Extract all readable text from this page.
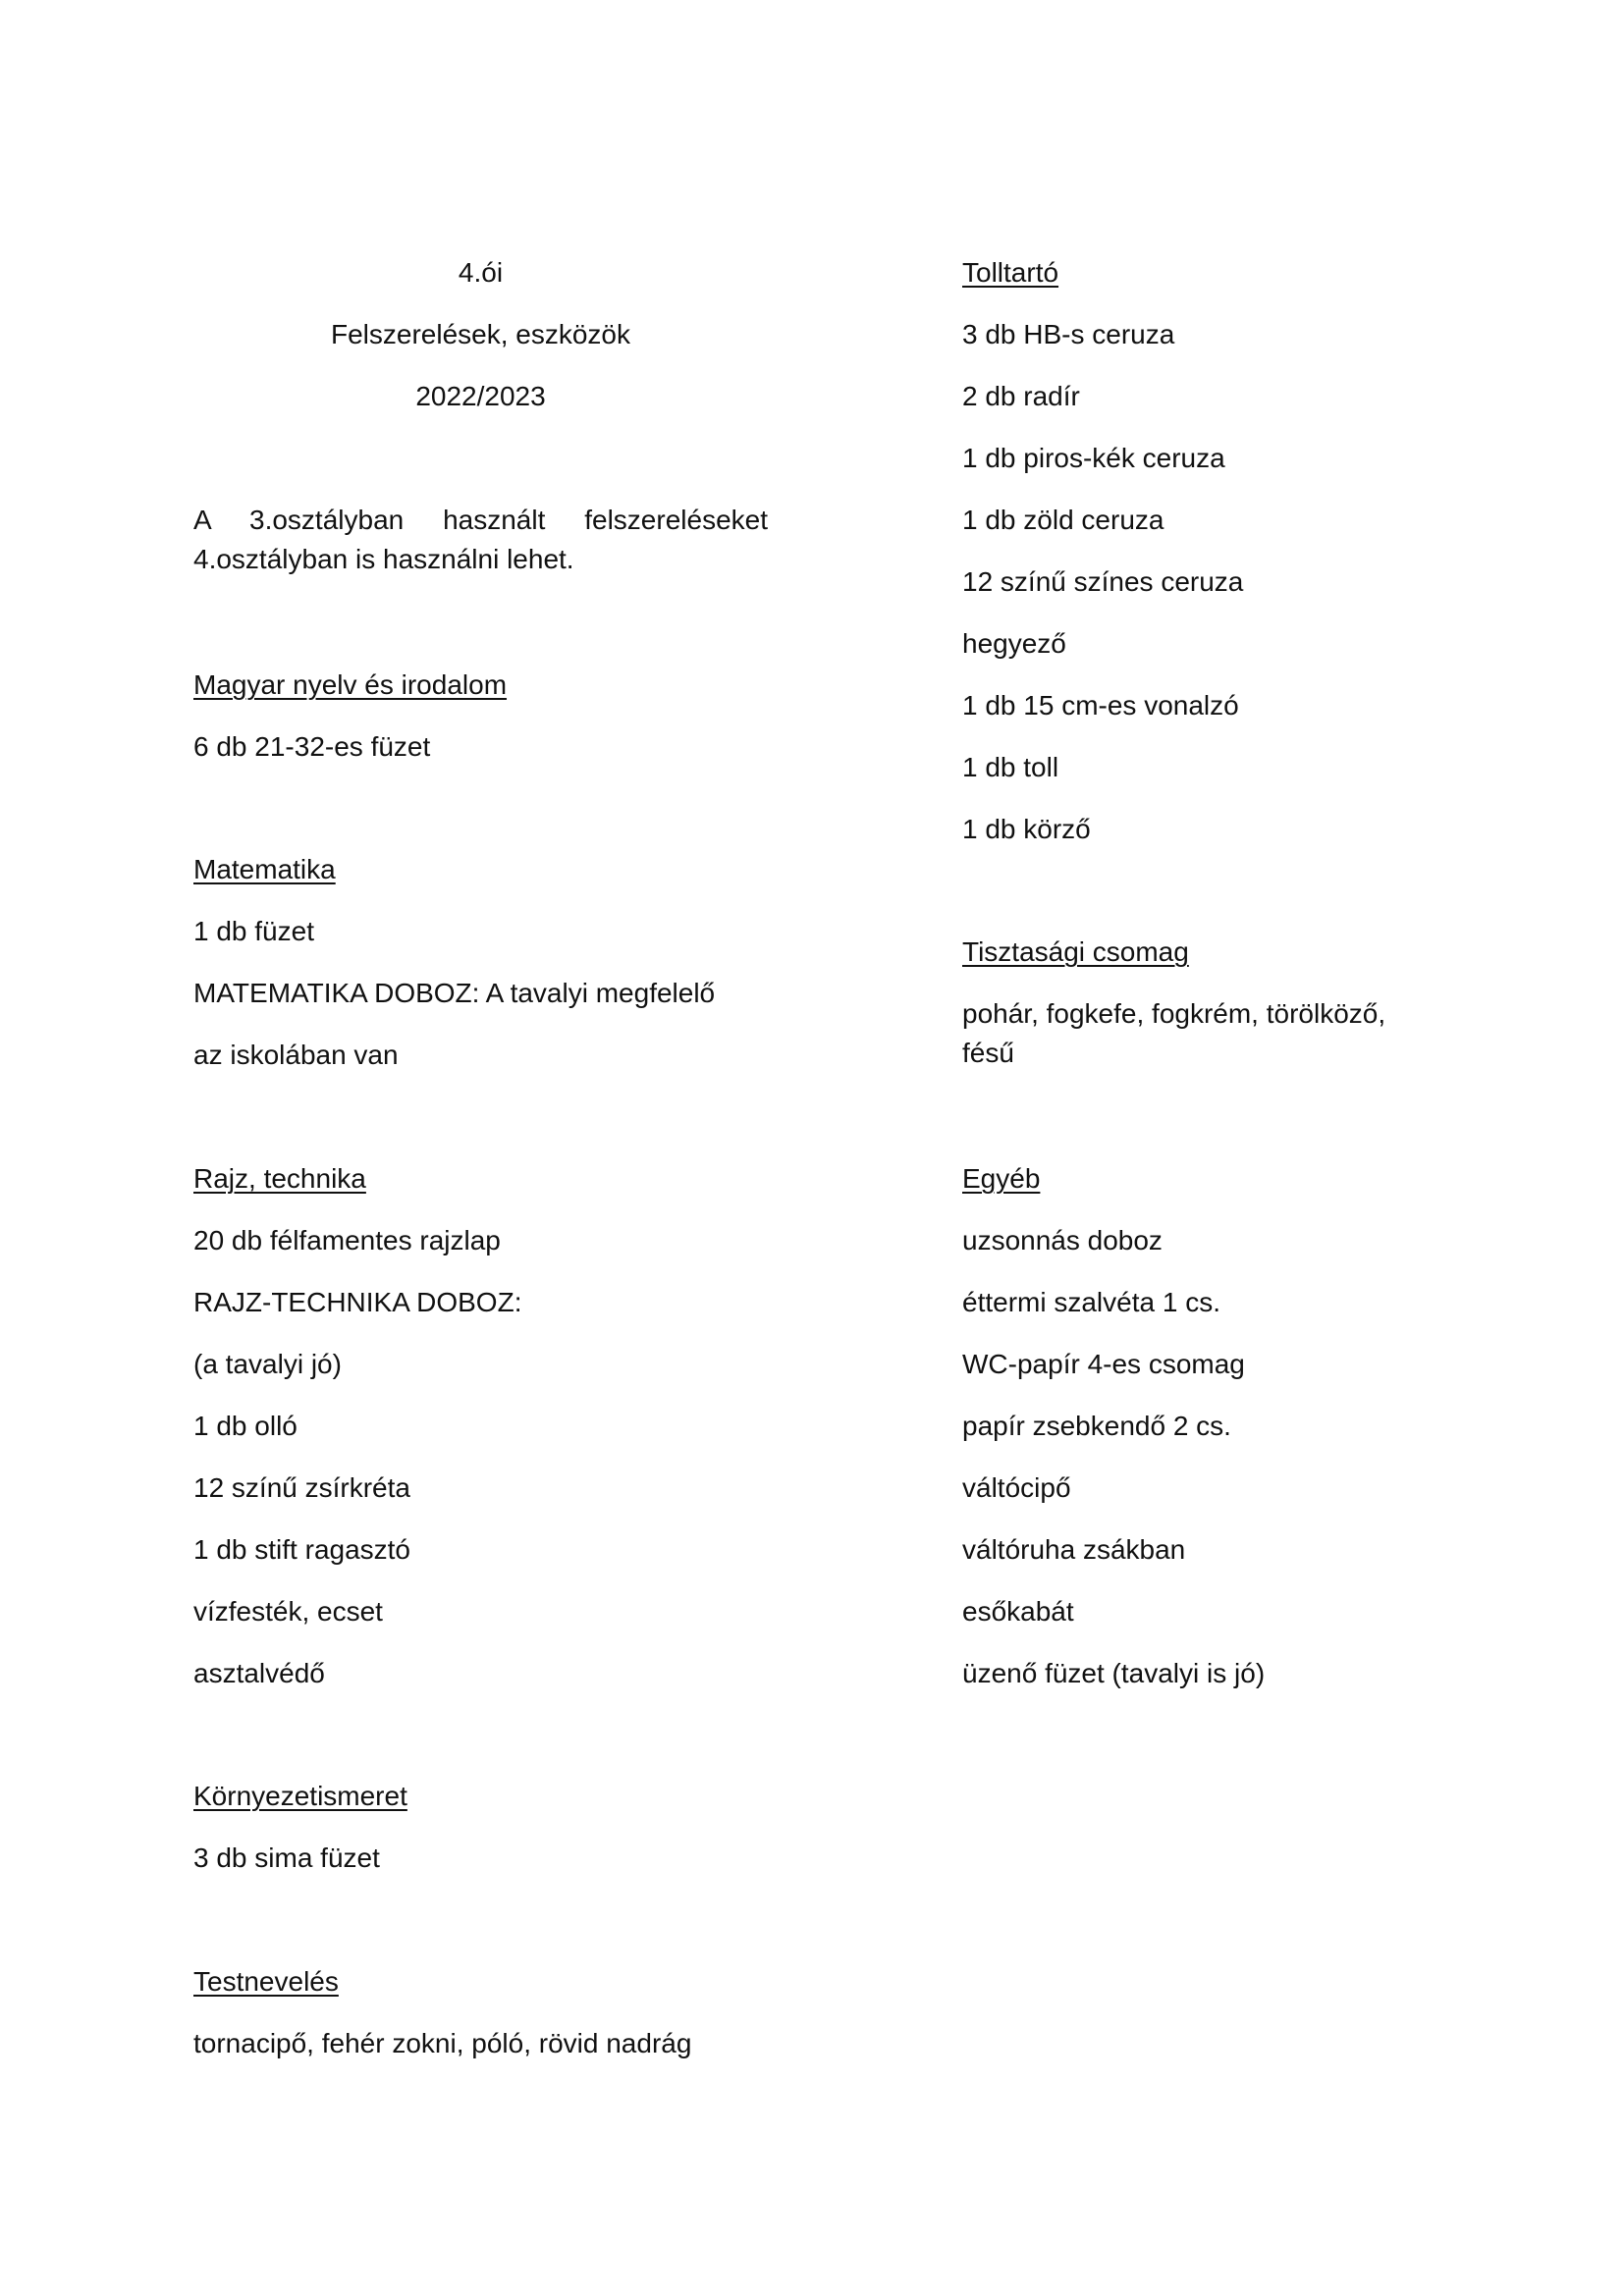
4.ói
Felszerelések, eszközök
2022/2023
A 3.osztályban használt felszereléseket
4.osztályban is használni lehet.
Magyar nyelv és irodalom
6 db 21-32-es füzet
Matematika
1 db füzet
MATEMATIKA DOBOZ: A tavalyi megfelelő
az iskolában van
Rajz, technika
20 db félfamentes rajzlap
RAJZ-TECHNIKA DOBOZ:
(a tavalyi jó)
1 db olló
12 színű zsírkréta
1 db stift ragasztó
vízfesték, ecset
asztalvédő
Környezetismeret
3 db sima füzet
Testnevelés
tornacipő, fehér zokni, póló, rövid nadrág
Tolltartó
3 db HB-s ceruza
2 db radír
1 db piros-kék ceruza
1 db zöld ceruza
12 színű színes ceruza
hegyező
1 db 15 cm-es vonalzó
1 db toll
1 db körző
Tisztasági csomag
pohár, fogkefe, fogkrém, törölköző,
fésű
Egyéb
uzsonnás doboz
éttermi szalvéta 1 cs.
WC-papír 4-es csomag
papír zsebkendő 2 cs.
váltócipő
váltóruha zsákban
esőkabát
üzenő füzet (tavalyi is jó)
